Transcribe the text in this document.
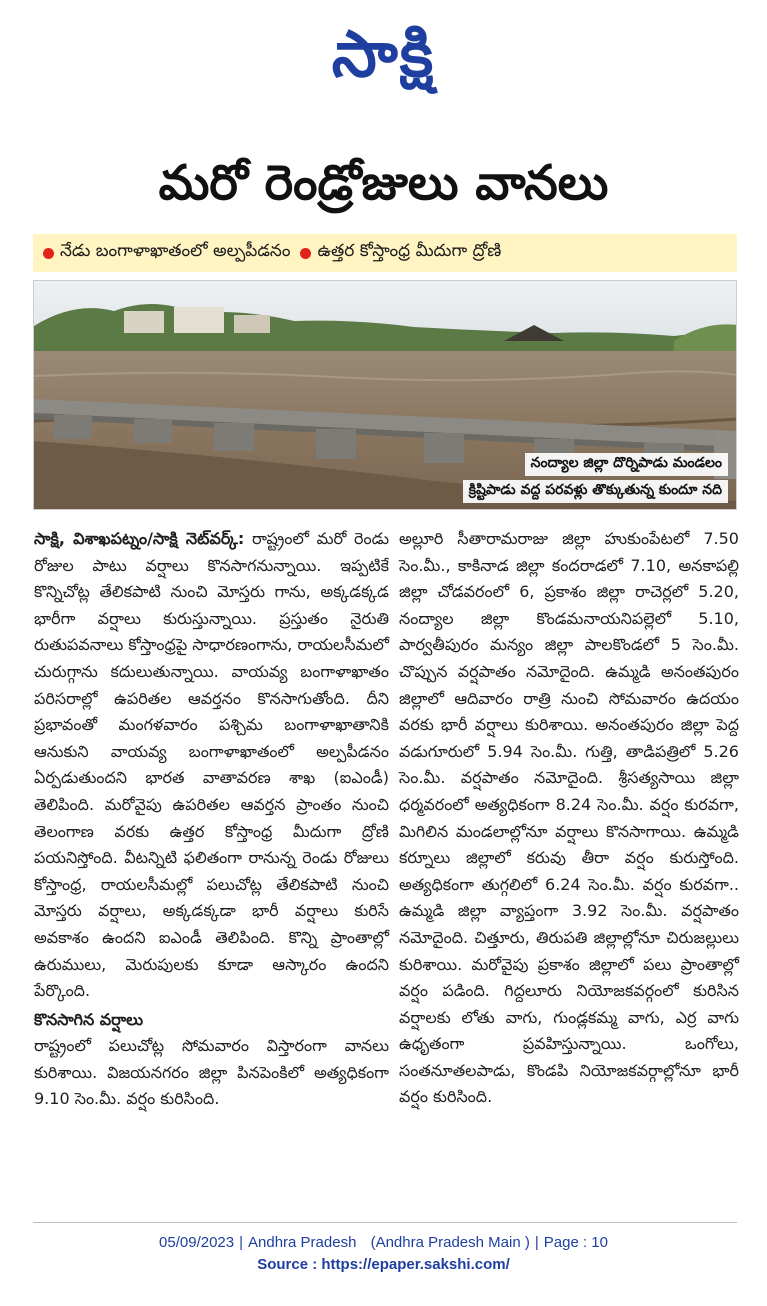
సాక్షి
మరో రెండ్రోజులు వానలు
నేడు బంగాళాఖాతంలో అల్పపీడనం ఉత్తర కోస్తాంధ్ర మీదుగా ద్రోణి
నంద్యాల జిల్లా దొర్నిపాడు మండలం
క్రిష్టిపాడు వద్ద పరవళ్లు తొక్కుతున్న కుందూ నది

సాక్షి, విశాఖపట్నం/సాక్షి నెట్‌వర్క్: రాష్ట్రంలో మరో రెండు రోజుల పాటు వర్షాలు కొనసాగనున్నాయి. ఇప్పటికే కొన్నిచోట్ల తేలికపాటి నుంచి మోస్తరు గాను, అక్కడక్కడ భారీగా వర్షాలు కురుస్తున్నాయి. ప్రస్తుతం నైరుతి రుతుపవనాలు కోస్తాంధ్రపై సాధారణంగాను, రాయలసీమలో చురుగ్గాను కదులుతున్నాయి. వాయవ్య బంగాళాఖాతం పరిసరాల్లో ఉపరితల ఆవర్తనం కొనసాగుతోంది. దీని ప్రభావంతో మంగళవారం పశ్చిమ బంగాళాఖాతానికి ఆనుకుని వాయవ్య బంగాళాఖాతంలో అల్పపీడనం ఏర్పడుతుందని భారత వాతావరణ శాఖ (ఐఎండీ) తెలిపింది. మరోవైపు ఉపరితల ఆవర్తన ప్రాంతం నుంచి తెలంగాణ వరకు ఉత్తర కోస్తాంధ్ర మీదుగా ద్రోణి పయనిస్తోంది. వీటన్నిటి ఫలితంగా రానున్న రెండు రోజులు కోస్తాంధ్ర, రాయలసీమల్లో పలుచోట్ల తేలికపాటి నుంచి మోస్తరు వర్షాలు, అక్కడక్కడా భారీ వర్షాలు కురిసే అవకాశం ఉందని ఐఎండీ తెలిపింది. కొన్ని ప్రాంతాల్లో ఉరుములు, మెరుపులకు కూడా ఆస్కారం ఉందని పేర్కొంది.

కొనసాగిన వర్షాలు

రాష్ట్రంలో పలుచోట్ల సోమవారం విస్తారంగా వానలు కురిశాయి. విజయనగరం జిల్లా పినపెంకిలో అత్యధికంగా 9.10 సెం.మీ. వర్షం కురిసింది.

అల్లూరి సీతారామరాజు జిల్లా హుకుంపేటలో 7.50 సెం.మీ., కాకినాడ జిల్లా కందరాడలో 7.10, అనకాపల్లి జిల్లా చోడవరంలో 6, ప్రకాశం జిల్లా రాచెర్లలో 5.20, నంద్యాల జిల్లా కొండమనాయనిపల్లెలో 5.10, పార్వతీపురం మన్యం జిల్లా పాలకొండలో 5 సెం.మీ. చొప్పున వర్షపాతం నమోదైంది. ఉమ్మడి అనంతపురం జిల్లాలో ఆదివారం రాత్రి నుంచి సోమవారం ఉదయం వరకు భారీ వర్షాలు కురిశాయి. అనంతపురం జిల్లా పెద్ద వడుగూరులో 5.94 సెం.మీ. గుత్తి, తాడిపత్రిలో 5.26 సెం.మీ. వర్షపాతం నమోదైంది. శ్రీసత్యసాయి జిల్లా ధర్మవరంలో అత్యధికంగా 8.24 సెం.మీ. వర్షం కురవగా, మిగిలిన మండలాల్లోనూ వర్షాలు కొనసాగాయి. ఉమ్మడి కర్నూలు జిల్లాలో కరువు తీరా వర్షం కురుస్తోంది. అత్యధికంగా తుగ్గలిలో 6.24 సెం.మీ. వర్షం కురవగా.. ఉమ్మడి జిల్లా వ్యాప్తంగా 3.92 సెం.మీ. వర్షపాతం నమోదైంది. చిత్తూరు, తిరుపతి జిల్లాల్లోనూ చిరుజల్లులు కురిశాయి. మరోవైపు ప్రకాశం జిల్లాలో పలు ప్రాంతాల్లో వర్షం పడింది. గిద్దలూరు నియోజకవర్గంలో కురిసిన వర్షాలకు లోతు వాగు, గుండ్లకమ్మ వాగు, ఎర్ర వాగు ఉధృతంగా ప్రవహిస్తున్నాయి. ఒంగోలు, సంతనూతలపాడు, కొండపి నియోజకవర్గాల్లోనూ భారీ వర్షం కురిసింది.

05/09/2023 | Andhra Pradesh (Andhra Pradesh Main ) | Page : 10
Source : https://epaper.sakshi.com/
